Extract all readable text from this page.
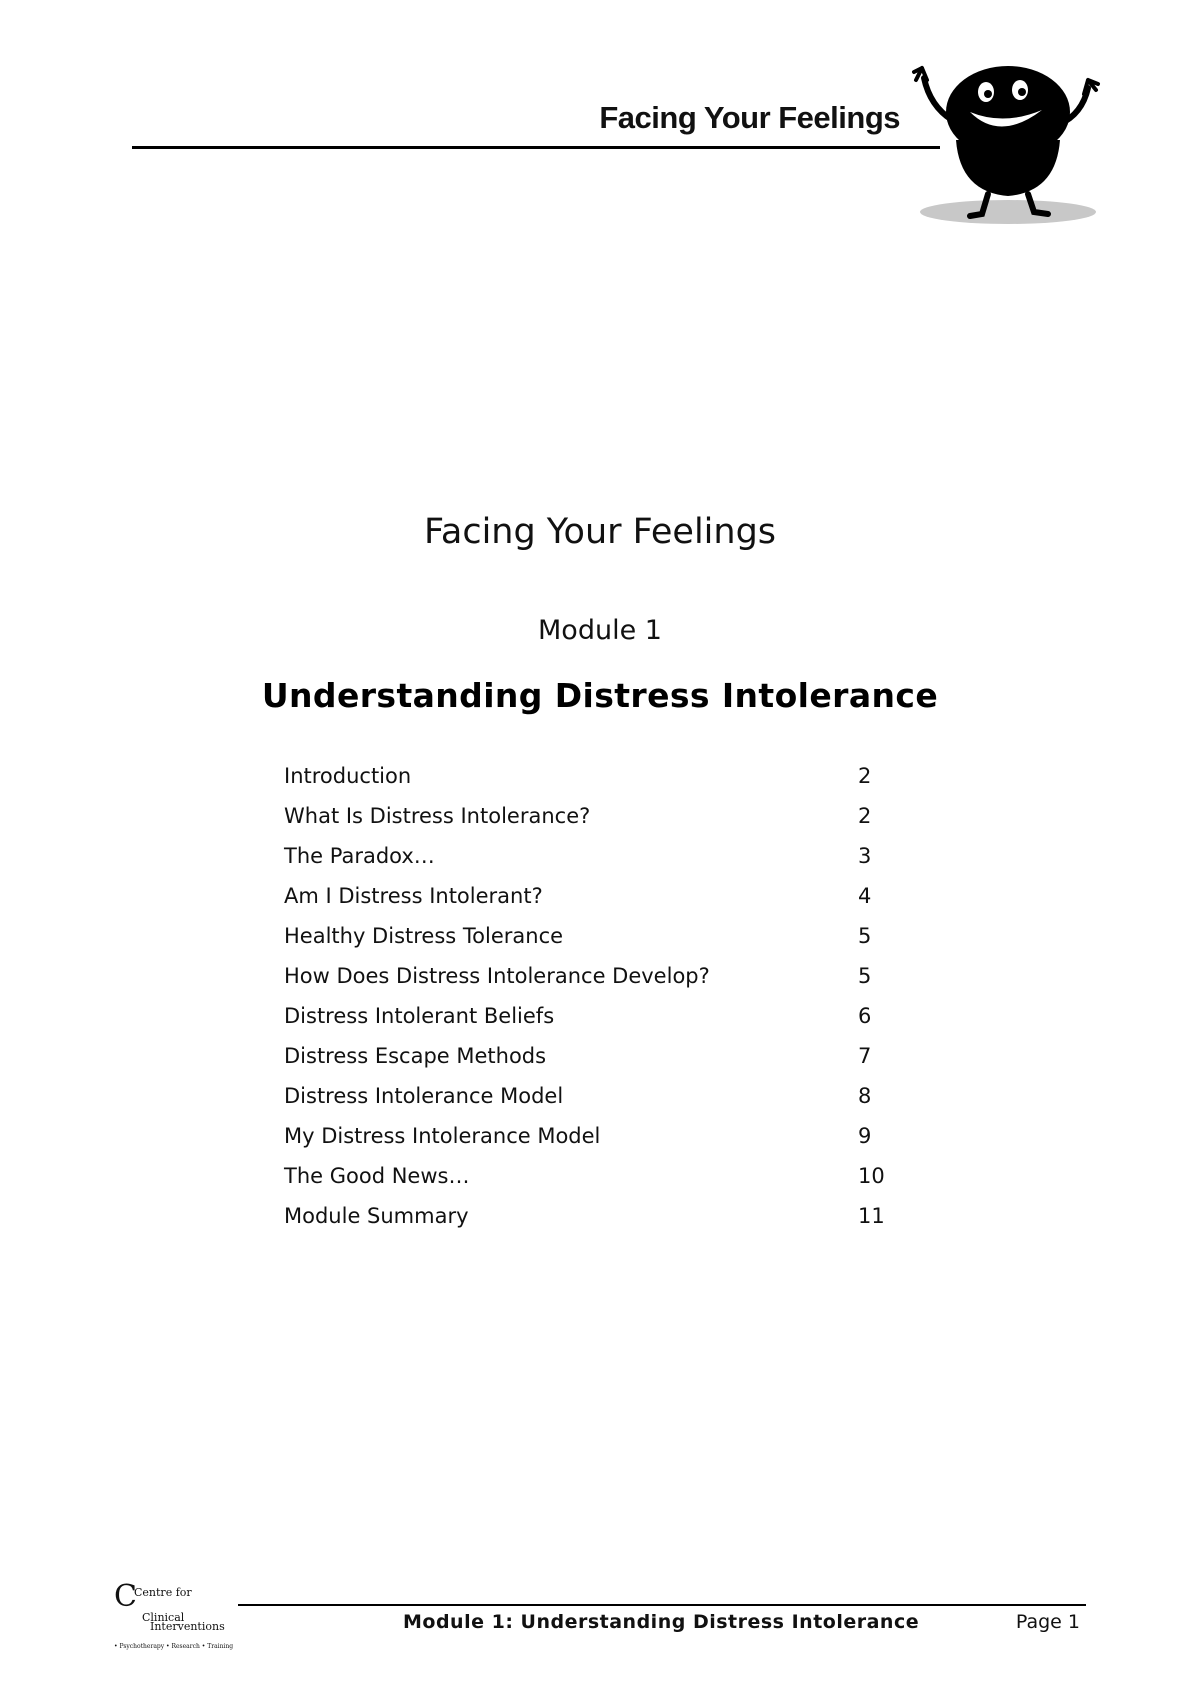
Facing Your Feelings
Facing Your Feelings
Module 1
Understanding Distress Intolerance
Introduction	2
What Is Distress Intolerance?	2
The Paradox…	3
Am I Distress Intolerant?	4
Healthy Distress Tolerance	5
How Does Distress Intolerance Develop?	5
Distress Intolerant Beliefs	6
Distress Escape Methods	7
Distress Intolerance Model	8
My Distress Intolerance Model	9
The Good News…	10
Module Summary	11
C
Centre for
Clinical
Interventions
• Psychotherapy • Research • Training
Module 1: Understanding Distress Intolerance	Page 1
